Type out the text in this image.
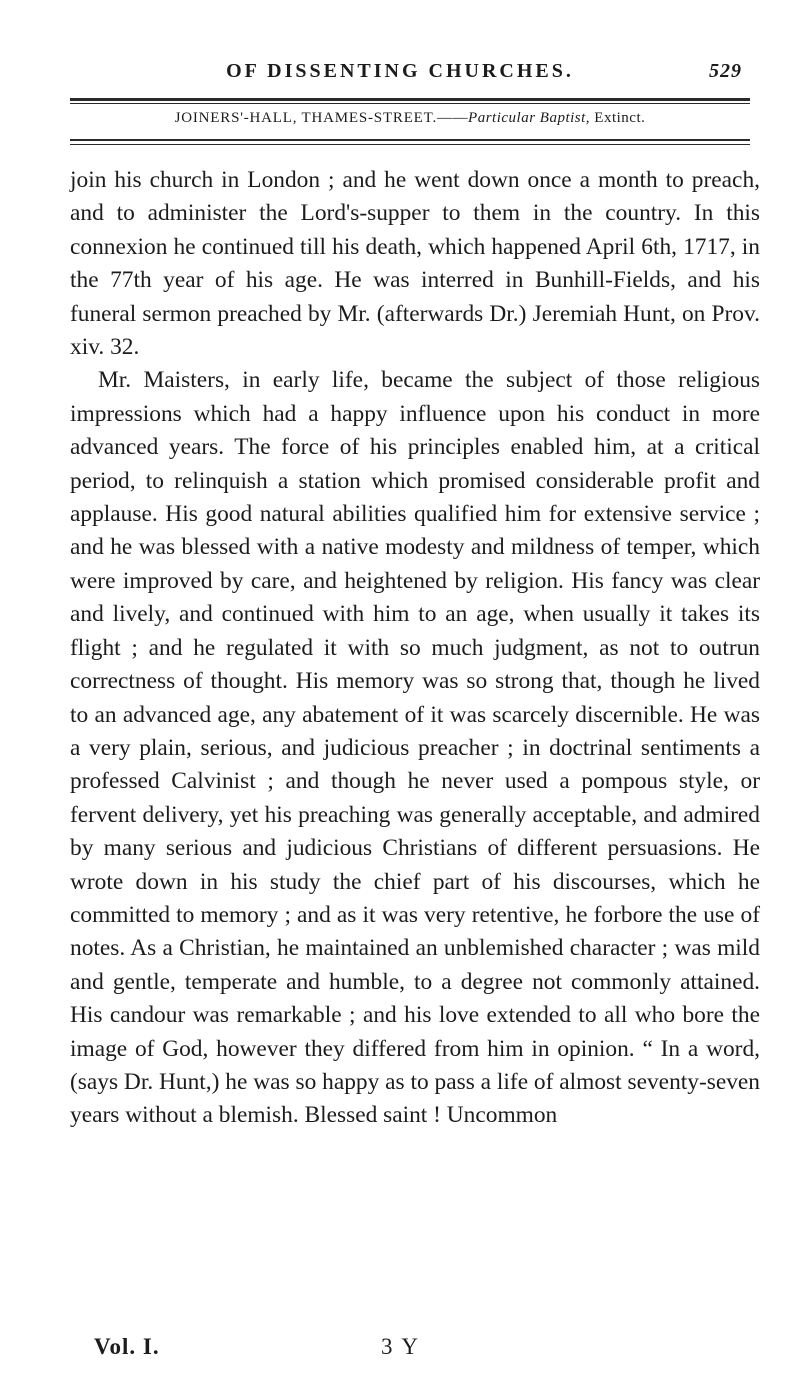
OF DISSENTING CHURCHES.	529
JOINERS'-HALL, THAMES-STREET.——Particular Baptist, Extinct.

join his church in London ; and he went down once a month to preach, and to administer the Lord's-supper to them in the country. In this connexion he continued till his death, which happened April 6th, 1717, in the 77th year of his age. He was interred in Bunhill-Fields, and his funeral sermon preached by Mr. (afterwards Dr.) Jeremiah Hunt, on Prov. xiv. 32.

Mr. Maisters, in early life, became the subject of those religious impressions which had a happy influence upon his conduct in more advanced years. The force of his principles enabled him, at a critical period, to relinquish a station which promised considerable profit and applause. His good natural abilities qualified him for extensive service ; and he was blessed with a native modesty and mildness of temper, which were improved by care, and heightened by religion. His fancy was clear and lively, and continued with him to an age, when usually it takes its flight ; and he regulated it with so much judgment, as not to outrun correctness of thought. His memory was so strong that, though he lived to an advanced age, any abatement of it was scarcely discernible. He was a very plain, serious, and judicious preacher ; in doctrinal sentiments a professed Calvinist ; and though he never used a pompous style, or fervent delivery, yet his preaching was generally acceptable, and admired by many serious and judicious Christians of different persuasions. He wrote down in his study the chief part of his discourses, which he committed to memory ; and as it was very retentive, he forbore the use of notes. As a Christian, he maintained an unblemished character ; was mild and gentle, temperate and humble, to a degree not commonly attained. His candour was remarkable ; and his love extended to all who bore the image of God, however they differed from him in opinion. “ In a word, (says Dr. Hunt,) he was so happy as to pass a life of almost seventy-seven years without a blemish. Blessed saint ! Uncommon

Vol. I.	3 Y
